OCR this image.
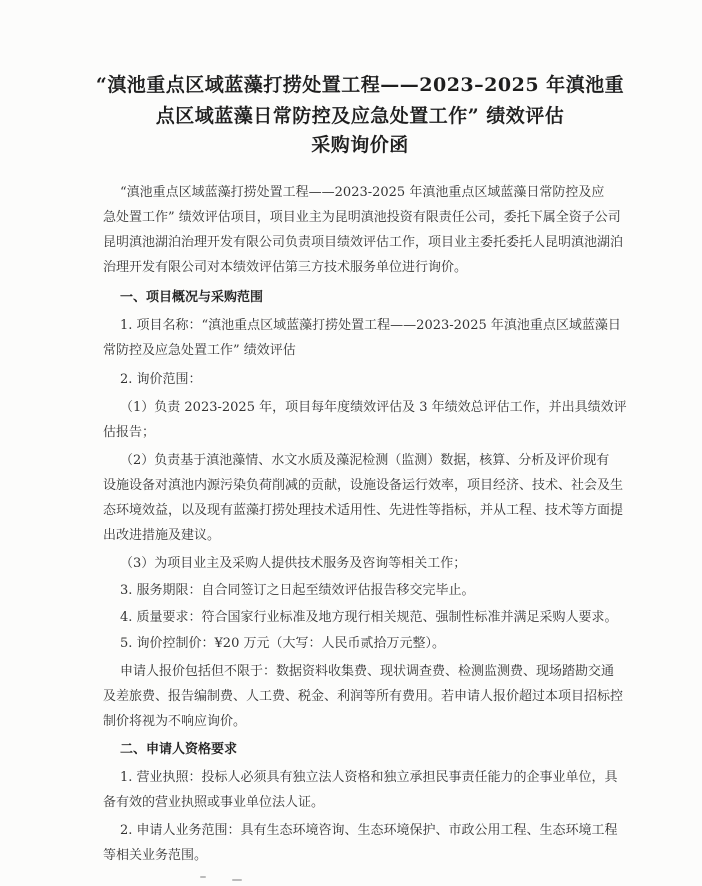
“滇池重点区域蓝藻打捞处置工程——2023–2025 年滇池重
点区域蓝藻日常防控及应急处置工作” 绩效评估
采购询价函
“滇池重点区域蓝藻打捞处置工程——2023-2025 年滇池重点区域蓝藻日常防控及应
急处置工作” 绩效评估项目，项目业主为昆明滇池投资有限责任公司，委托下属全资子公司
昆明滇池湖泊治理开发有限公司负责项目绩效评估工作，项目业主委托委托人昆明滇池湖泊
治理开发有限公司对本绩效评估第三方技术服务单位进行询价。
一、项目概况与采购范围
1. 项目名称：“滇池重点区域蓝藻打捞处置工程——2023-2025 年滇池重点区域蓝藻日
常防控及应急处置工作” 绩效评估
2. 询价范围：
（1）负责 2023-2025 年，项目每年度绩效评估及 3 年绩效总评估工作，并出具绩效评
估报告；
（2）负责基于滇池藻情、水文水质及藻泥检测（监测）数据，核算、分析及评价现有
设施设备对滇池内源污染负荷削减的贡献，设施设备运行效率，项目经济、技术、社会及生
态环境效益，以及现有蓝藻打捞处理技术适用性、先进性等指标，并从工程、技术等方面提
出改进措施及建议。
（3）为项目业主及采购人提供技术服务及咨询等相关工作；
3. 服务期限：自合同签订之日起至绩效评估报告移交完毕止。
4. 质量要求：符合国家行业标准及地方现行相关规范、强制性标准并满足采购人要求。
5. 询价控制价：¥20 万元（大写：人民币贰拾万元整）。
申请人报价包括但不限于：数据资料收集费、现状调查费、检测监测费、现场踏勘交通
及差旅费、报告编制费、人工费、税金、利润等所有费用。若申请人报价超过本项目招标控
制价将视为不响应询价。
二、申请人资格要求
1. 营业执照：投标人必须具有独立法人资格和独立承担民事责任能力的企事业单位，具
备有效的营业执照或事业单位法人证。
2. 申请人业务范围：具有生态环境咨询、生态环境保护、市政公用工程、生态环境工程
等相关业务范围。
